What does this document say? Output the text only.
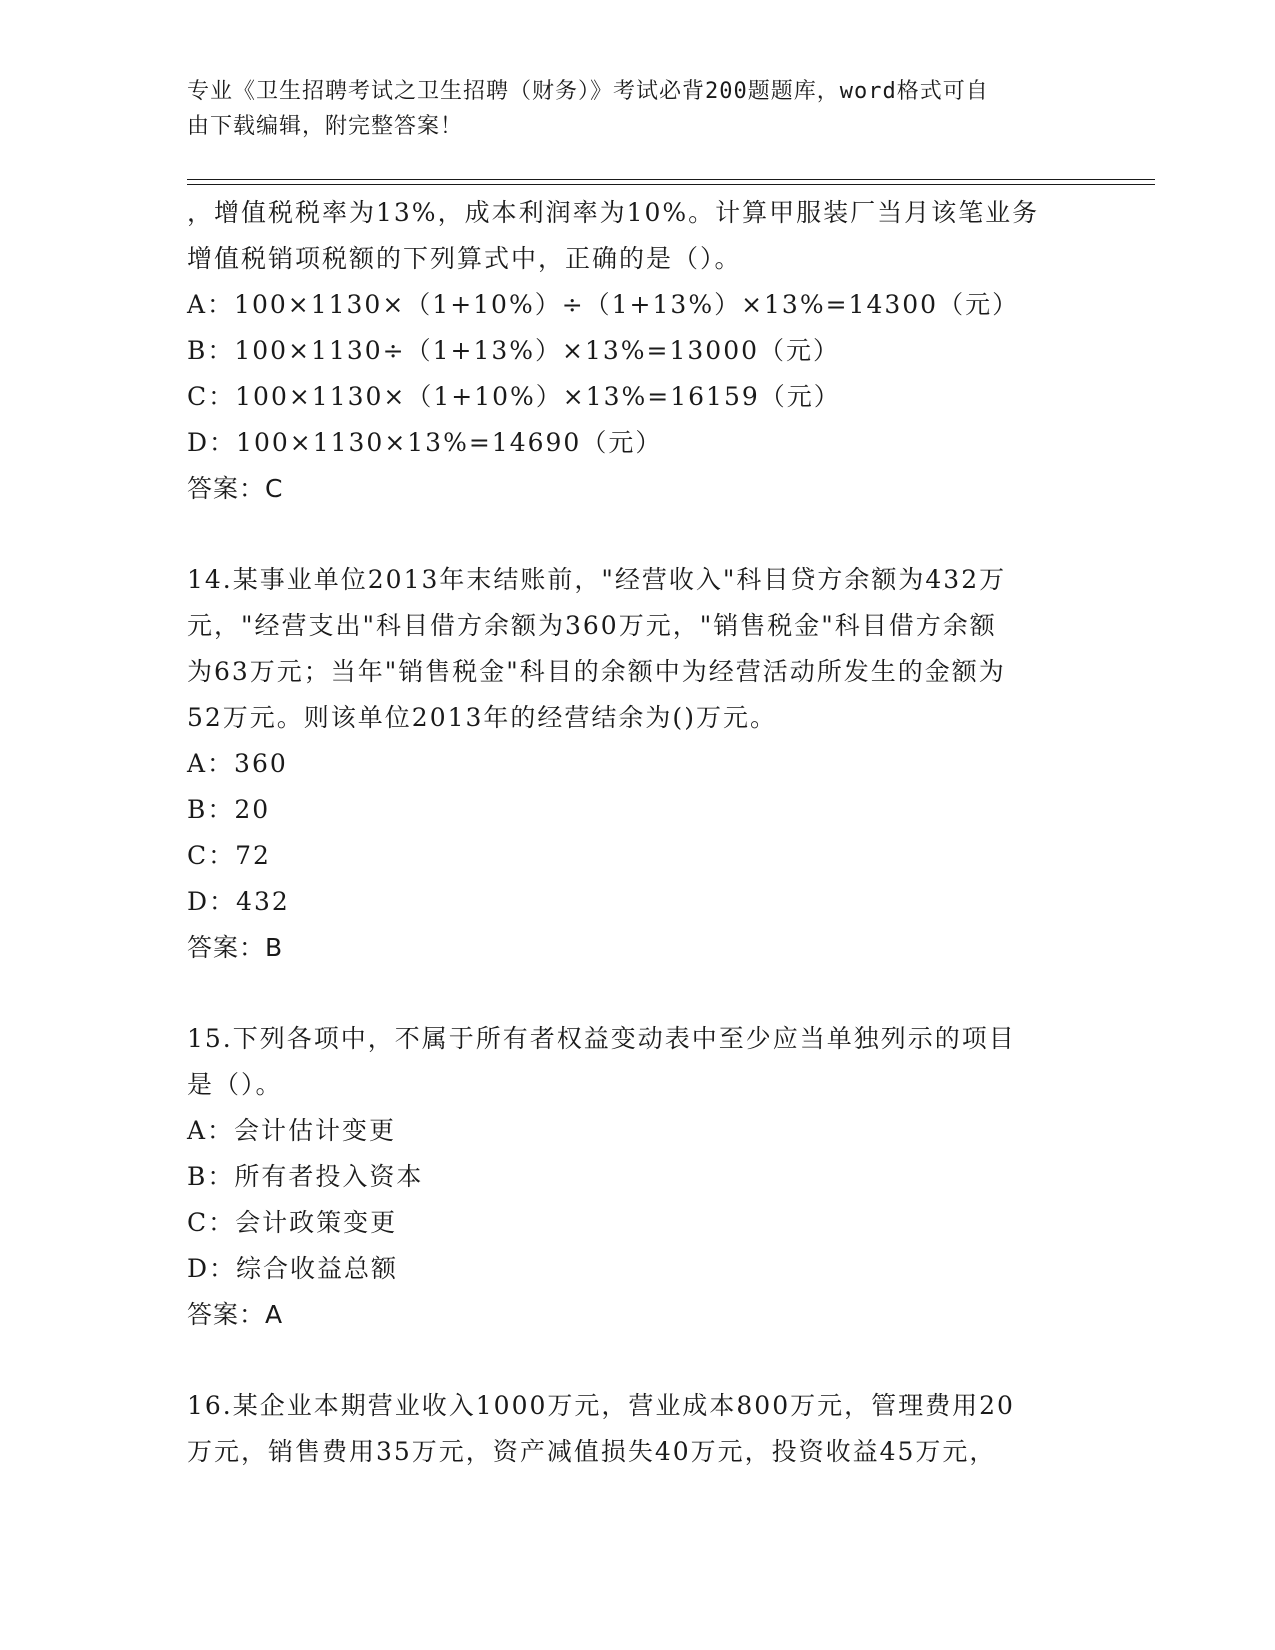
专业《卫生招聘考试之卫生招聘（财务）》考试必背200题题库，word格式可自
由下载编辑，附完整答案！
，增值税税率为13%，成本利润率为10%。计算甲服装厂当月该笔业务
增值税销项税额的下列算式中，正确的是（）。
A：100×1130×（1+10%）÷（1+13%）×13%=14300（元）
B：100×1130÷（1+13%）×13%=13000（元）
C：100×1130×（1+10%）×13%=16159（元）
D：100×1130×13%=14690（元）
答案：C
14.某事业单位2013年末结账前，"经营收入"科目贷方余额为432万
元，"经营支出"科目借方余额为360万元，"销售税金"科目借方余额
为63万元；当年"销售税金"科目的余额中为经营活动所发生的金额为
52万元。则该单位2013年的经营结余为()万元。
A：360
B：20
C：72
D：432
答案：B
15.下列各项中，不属于所有者权益变动表中至少应当单独列示的项目
是（）。
A：会计估计变更
B：所有者投入资本
C：会计政策变更
D：综合收益总额
答案：A
16.某企业本期营业收入1000万元，营业成本800万元，管理费用20
万元，销售费用35万元，资产减值损失40万元，投资收益45万元，
